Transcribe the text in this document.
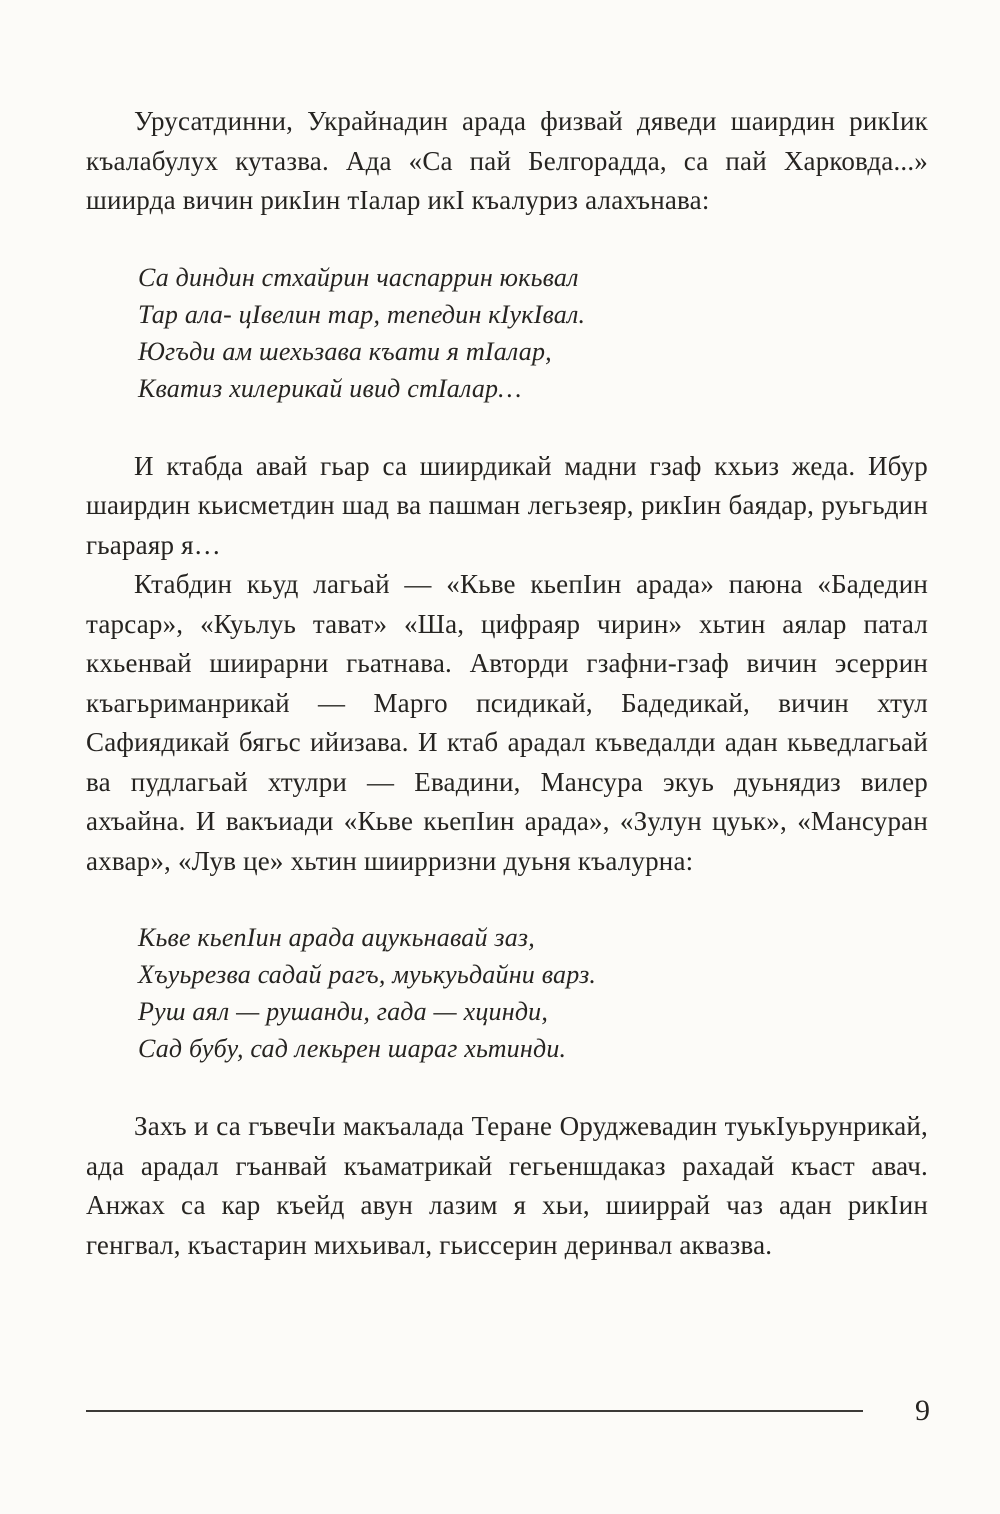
Урусатдинни, Украйнадин арада физвай дяведи шаирдин рикIик къалабулух кутазва. Ада «Са пай Белгорадда, са пай Харковда...» шиирда вичин рикIин тIалар икI къалуриз алахънава:

Са диндин стхайрин часпаррин юкьвал
Тар ала- цIвелин тар, тепедин кIукIвал.
Югъди ам шехьзава къати я тIалар,
Кватиз хилерикай ивид стIалар…

И ктабда авай гьар са шиирдикай мадни гзаф кхьиз жеда. Ибур шаирдин кьисметдин шад ва пашман легьзеяр, рикIин баядар, руьгьдин гьараяр я…

Ктабдин кьуд лагьай — «Кьве кьепIин арада» паюна «Бадедин тарсар», «Куьлуь тават» «Ша, цифраяр чирин» хьтин аялар патал кхьенвай шиирарни гьатнава. Авторди гзафни-гзаф вичин эсеррин къагьриманрикай — Марго псидикай, Бадедикай, вичин хтул Сафиядикай бягьс ийизава. И ктаб арадал къведалди адан кьведлагьай ва пудлагьай хтулри — Евадини, Мансура экуь дуьнядиз вилер ахъайна. И вакъиади «Кьве кьепIин арада», «Зулун цуьк», «Мансуран ахвар», «Лув це» хьтин шиирризни дуьня къалурна:

Кьве кьепIин арада ацукьнавай заз,
Хъуьрезва садай рагъ, муькуьдайни варз.
Руш аял — рушанди, гада — хцинди,
Сад бубу, сад лекьрен шараг хьтинди.

Захъ и са гъвечIи макъалада Теране Оруджевадин туькIуьрунрикай, ада арадал гъанвай къаматрикай гегьеншдаказ рахадай къаст авач. Анжах са кар къейд авун лазим я хьи, шииррай чаз адан рикIин генгвал, къастарин михьивал, гьиссерин деринвал аквазва.

9
